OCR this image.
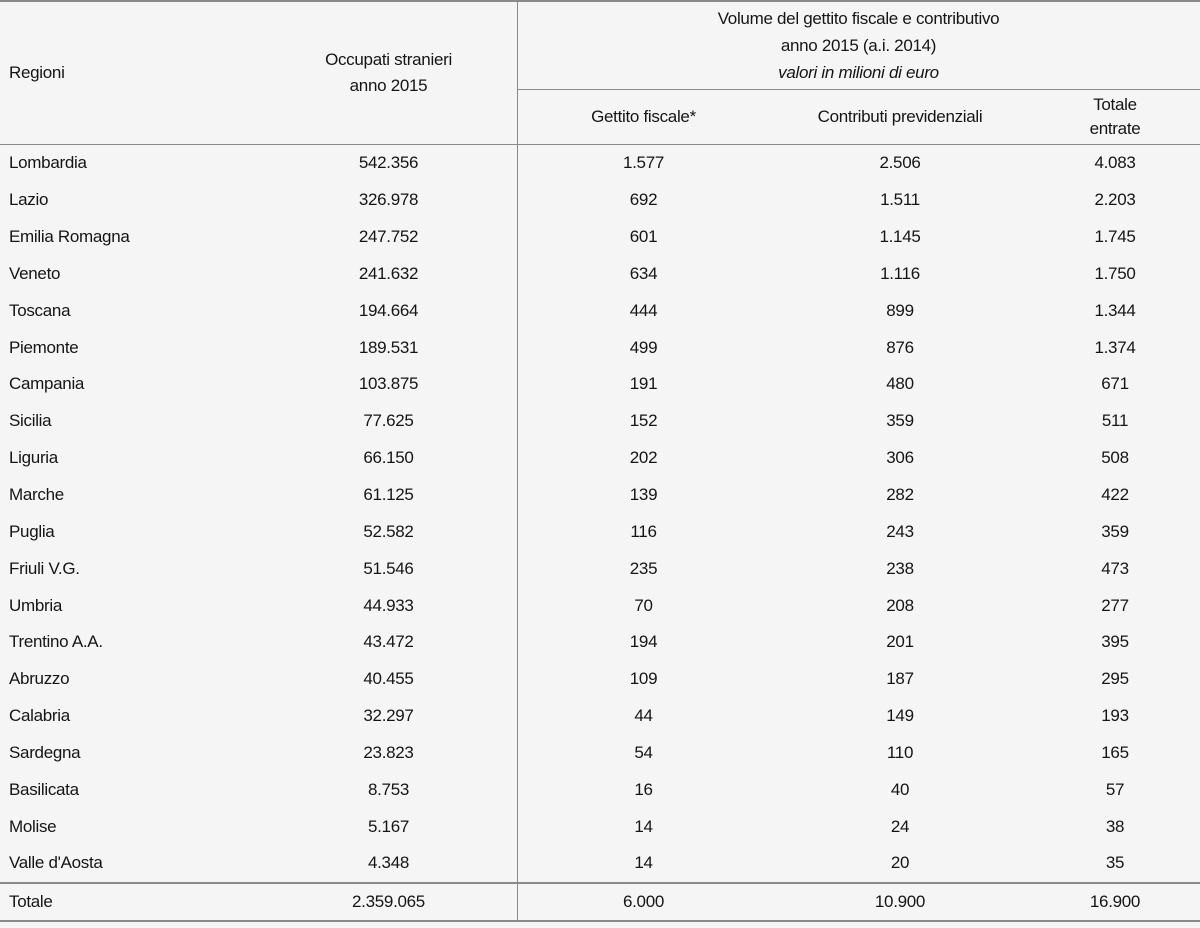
Regioni
Occupati stranieri
anno 2015
Volume del gettito fiscale e contributivo
anno 2015 (a.i. 2014)
valori in milioni di euro
Gettito fiscale*	Contributi previdenziali
Totale
entrate
Lombardia	542.356	1.577	2.506	4.083
Lazio	326.978	692	1.511	2.203
Emilia Romagna	247.752	601	1.145	1.745
Veneto	241.632	634	1.116	1.750
Toscana	194.664	444	899	1.344
Piemonte	189.531	499	876	1.374
Campania	103.875	191	480	671
Sicilia	77.625	152	359	511
Liguria	66.150	202	306	508
Marche	61.125	139	282	422
Puglia	52.582	116	243	359
Friuli V.G.	51.546	235	238	473
Umbria	44.933	70	208	277
Trentino A.A.	43.472	194	201	395
Abruzzo	40.455	109	187	295
Calabria	32.297	44	149	193
Sardegna	23.823	54	110	165
Basilicata	8.753	16	40	57
Molise	5.167	14	24	38
Valle d'Aosta	4.348	14	20	35
Totale	2.359.065	6.000	10.900	16.900
